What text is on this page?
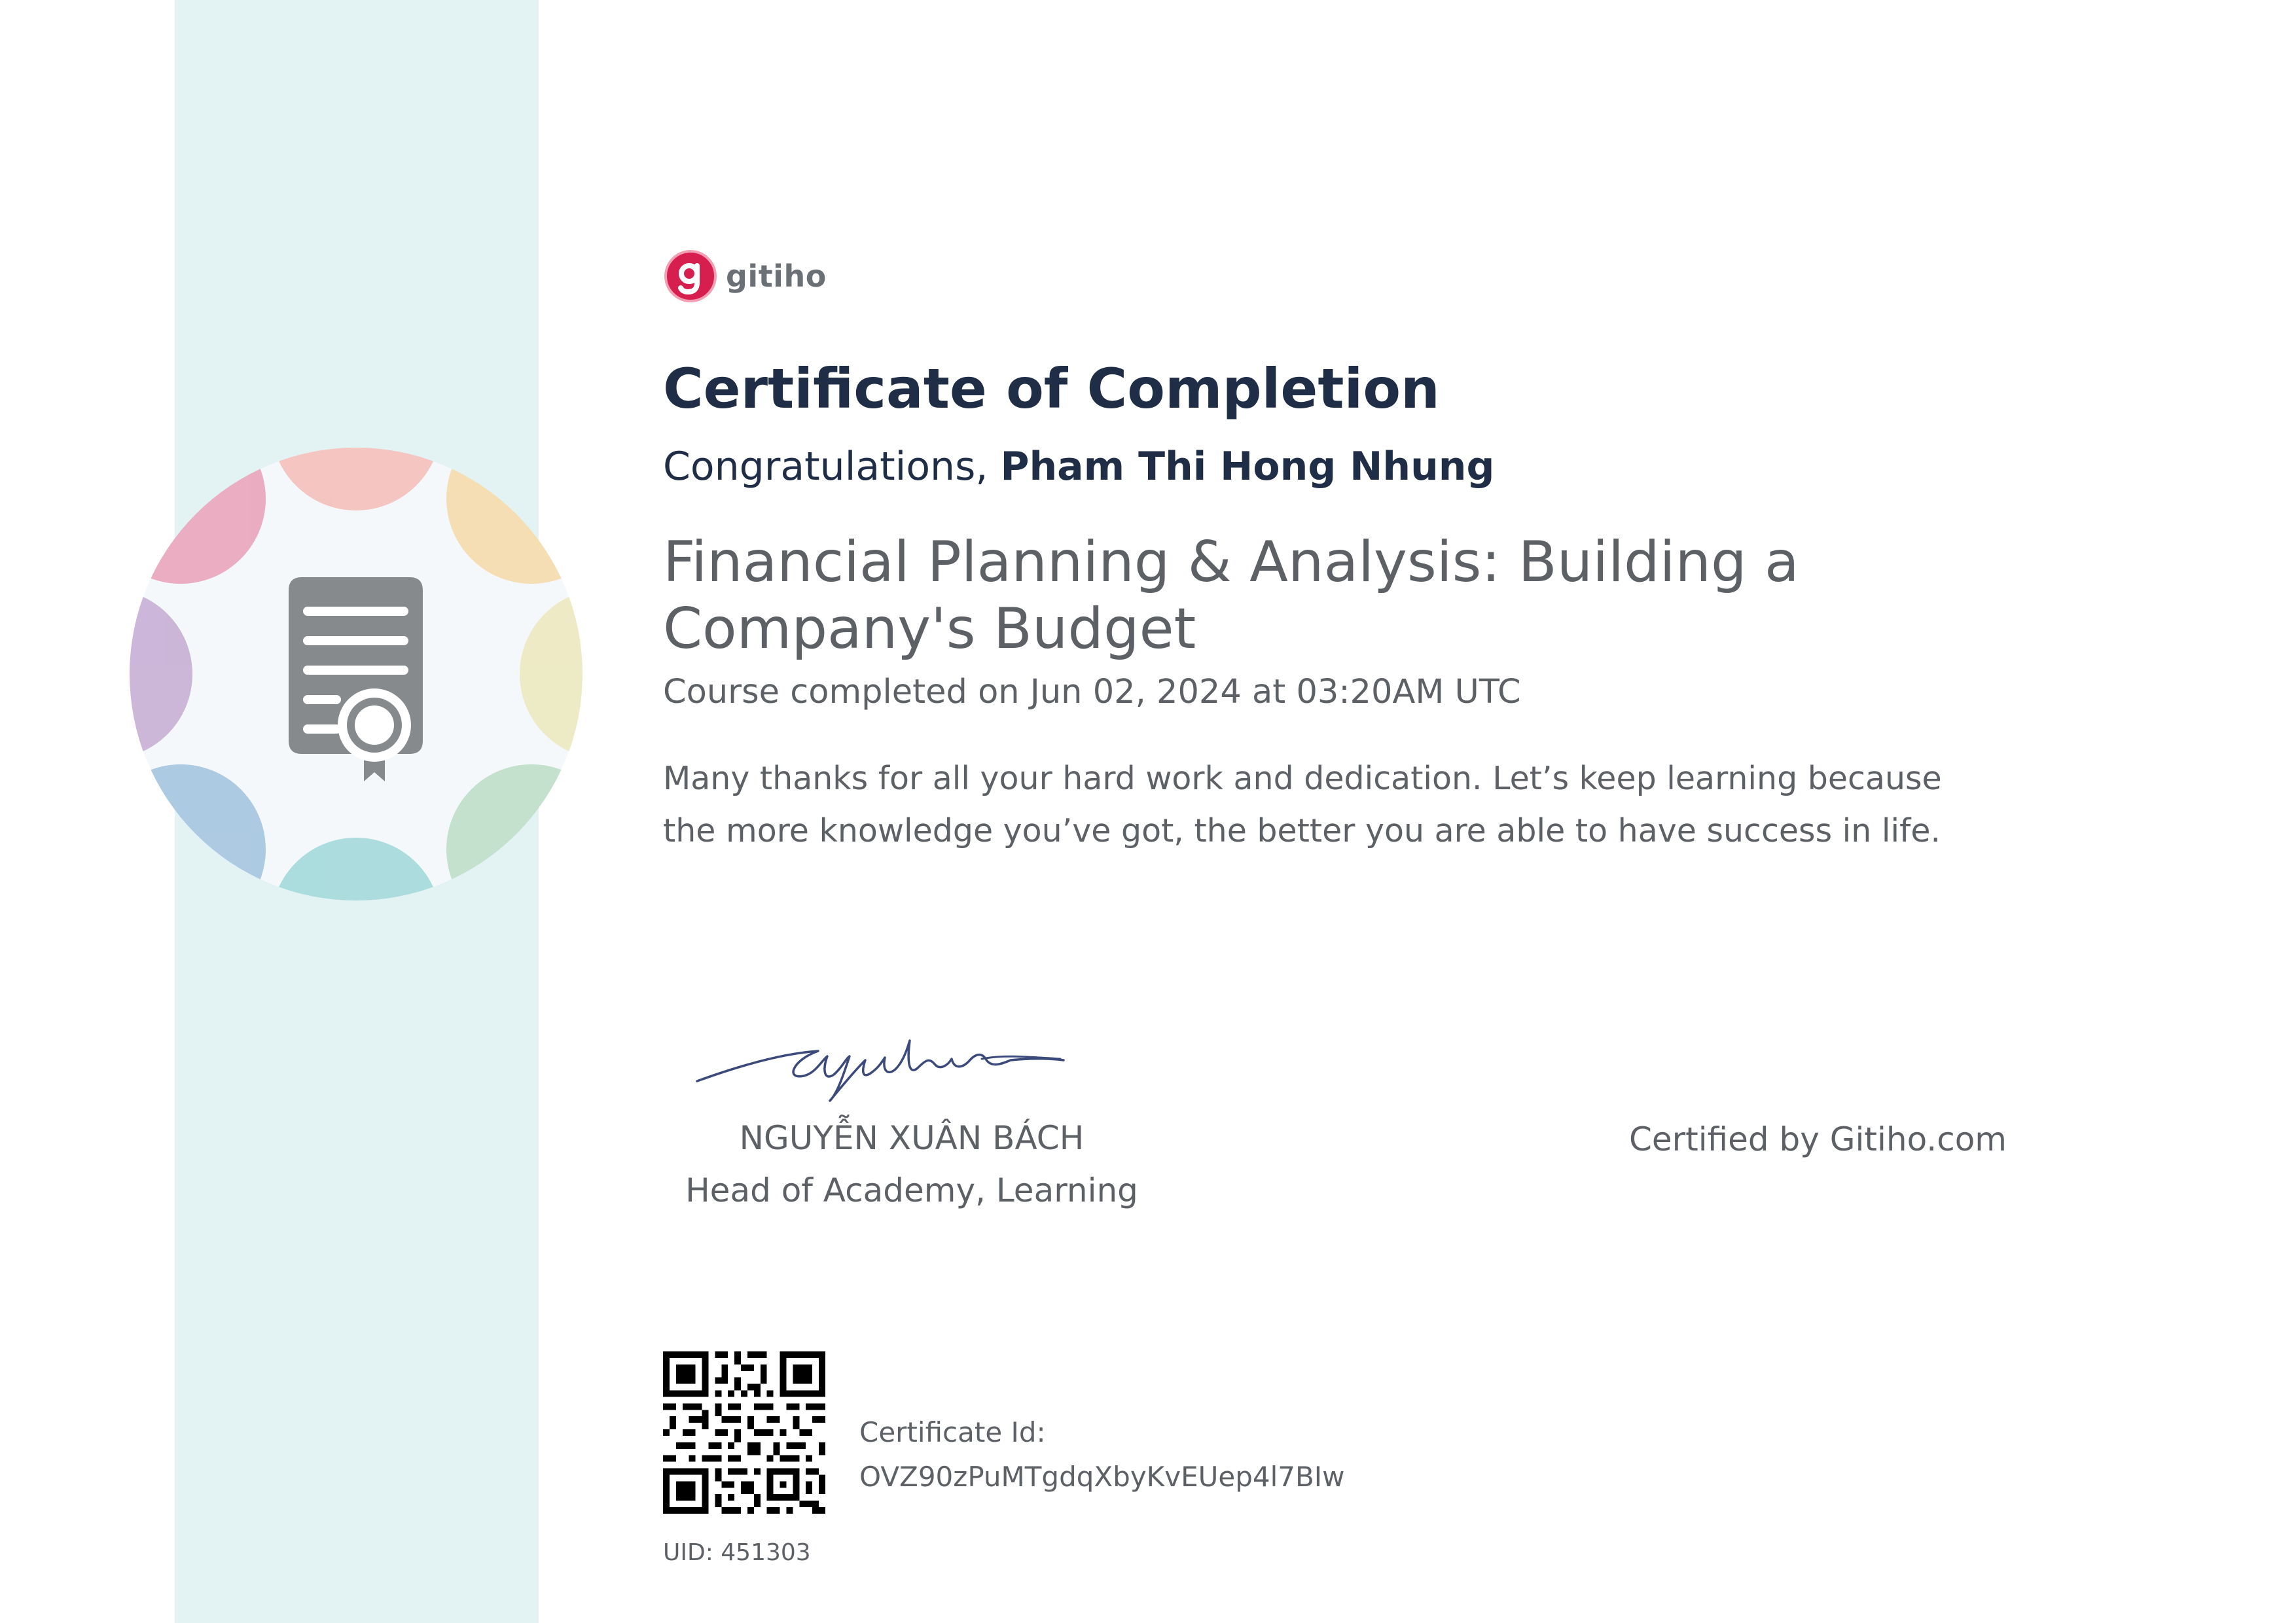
gitiho
Certificate of Completion
Congratulations, Pham Thi Hong Nhung
Financial Planning & Analysis: Building a Company's Budget
Course completed on Jun 02, 2024 at 03:20AM UTC

Many thanks for all your hard work and dedication. Let’s keep learning because the more knowledge you’ve got, the better you are able to have success in life.

NGUYỄN XUÂN BÁCH
Head of Academy, Learning
Certified by Gitiho.com
Certificate Id:
OVZ90zPuMTgdqXbyKvEUep4l7BIw
UID: 451303
